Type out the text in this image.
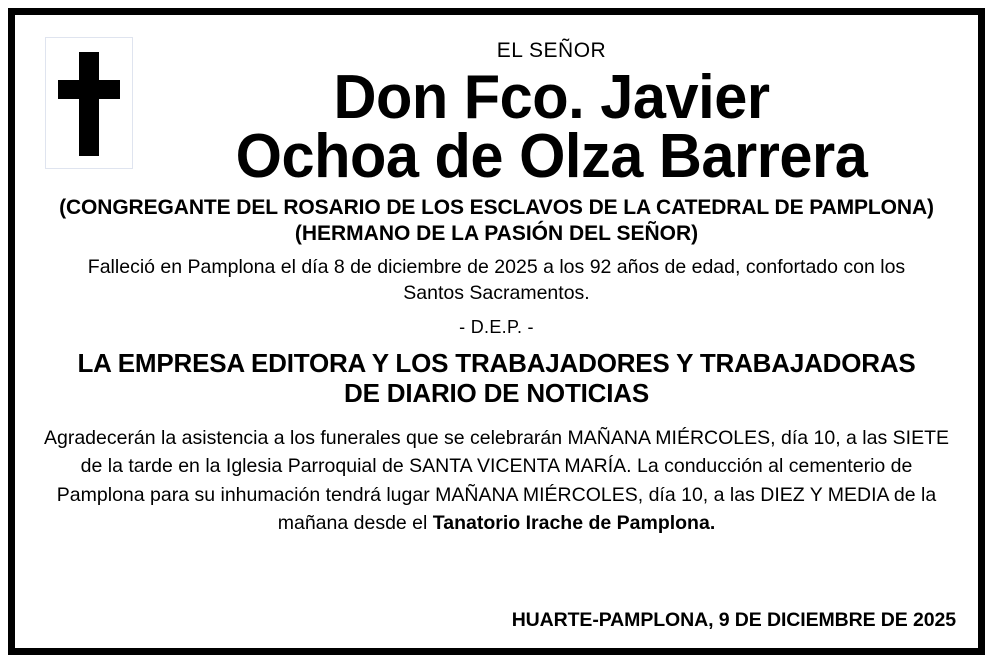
EL SEÑOR
Don Fco. Javier
Ochoa de Olza Barrera
(CONGREGANTE DEL ROSARIO DE LOS ESCLAVOS DE LA CATEDRAL DE PAMPLONA)
(HERMANO DE LA PASIÓN DEL SEÑOR)
Falleció en Pamplona el día 8 de diciembre de 2025 a los 92 años de edad, confortado con los Santos Sacramentos.
- D.E.P. -
LA EMPRESA EDITORA Y LOS TRABAJADORES Y TRABAJADORAS
DE DIARIO DE NOTICIAS
Agradecerán la asistencia a los funerales que se celebrarán MAÑANA MIÉRCOLES, día 10, a las SIETE de la tarde en la Iglesia Parroquial de SANTA VICENTA MARÍA. La conducción al cementerio de Pamplona para su inhumación tendrá lugar MAÑANA MIÉRCOLES, día 10, a las DIEZ Y MEDIA de la mañana desde el Tanatorio Irache de Pamplona.
HUARTE-PAMPLONA, 9 DE DICIEMBRE DE 2025
